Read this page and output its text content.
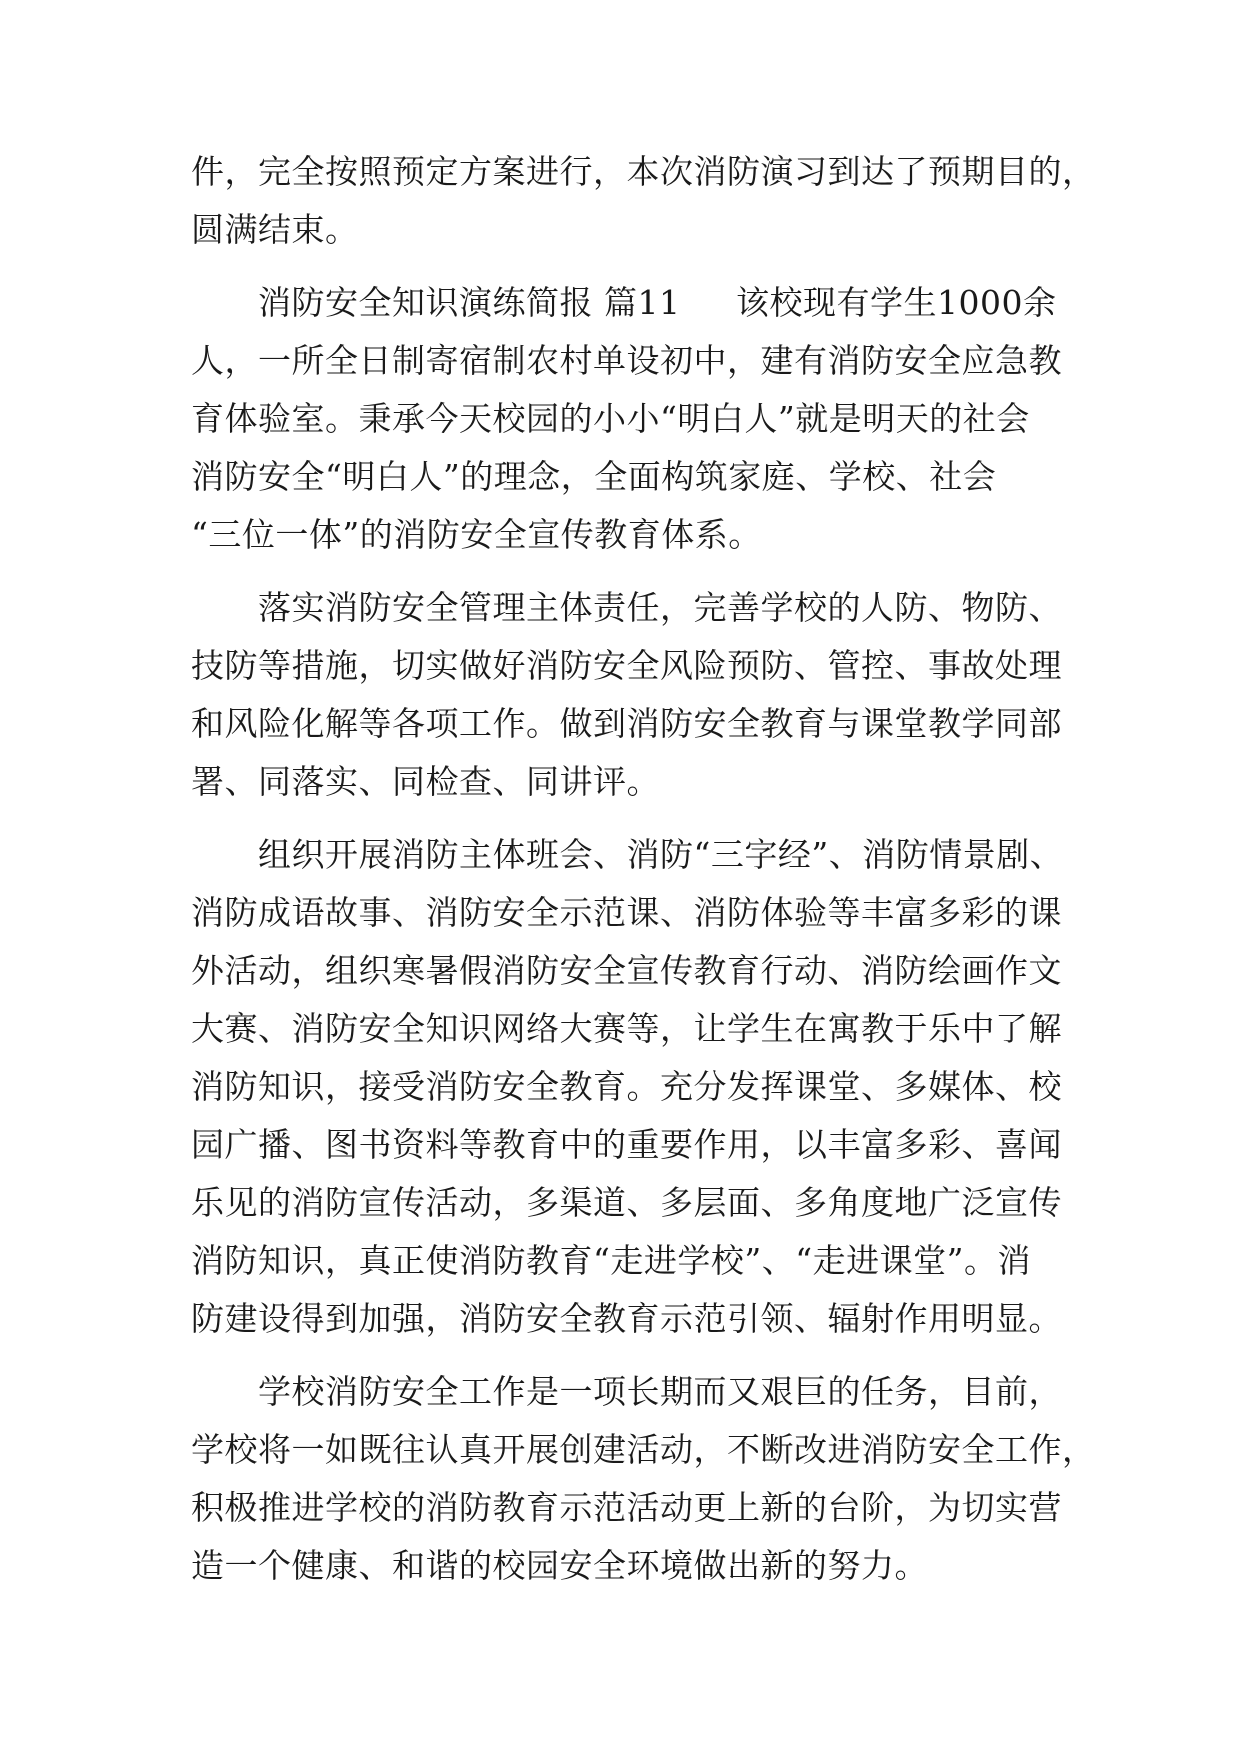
件，完全按照预定方案进行，本次消防演习到达了预期目的，

圆满结束。

消防安全知识演练简报 篇11 　 该校现有学生1000余

人，一所全日制寄宿制农村单设初中，建有消防安全应急教

育体验室。秉承今天校园的小小“明白人”就是明天的社会

消防安全“明白人”的理念，全面构筑家庭、学校、社会

“三位一体”的消防安全宣传教育体系。

落实消防安全管理主体责任，完善学校的人防、物防、

技防等措施，切实做好消防安全风险预防、管控、事故处理

和风险化解等各项工作。做到消防安全教育与课堂教学同部

署、同落实、同检查、同讲评。

组织开展消防主体班会、消防“三字经”、消防情景剧、

消防成语故事、消防安全示范课、消防体验等丰富多彩的课

外活动，组织寒暑假消防安全宣传教育行动、消防绘画作文

大赛、消防安全知识网络大赛等，让学生在寓教于乐中了解

消防知识，接受消防安全教育。充分发挥课堂、多媒体、校

园广播、图书资料等教育中的重要作用，以丰富多彩、喜闻

乐见的消防宣传活动，多渠道、多层面、多角度地广泛宣传

消防知识，真正使消防教育“走进学校”、“走进课堂”。消

防建设得到加强，消防安全教育示范引领、辐射作用明显。

学校消防安全工作是一项长期而又艰巨的任务，目前，

学校将一如既往认真开展创建活动，不断改进消防安全工作，

积极推进学校的消防教育示范活动更上新的台阶，为切实营

造一个健康、和谐的校园安全环境做出新的努力。
